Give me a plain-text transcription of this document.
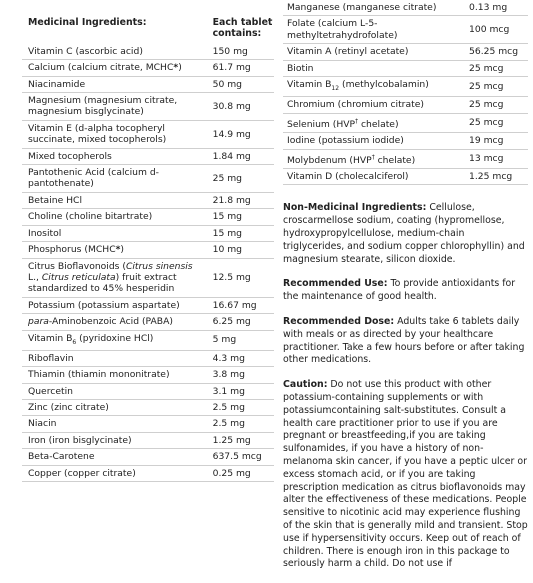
Medicinal Ingredients:	Each tablet contains:
Vitamin C (ascorbic acid)	150 mg
Calcium (calcium citrate, MCHC*)	61.7 mg
Niacinamide	50 mg
Magnesium (magnesium citrate, magnesium bisglycinate)	30.8 mg
Vitamin E (d-alpha tocopheryl succinate, mixed tocopherols)	14.9 mg
Mixed tocopherols	1.84 mg
Pantothenic Acid (calcium d-pantothenate)	25 mg
Betaine HCl	21.8 mg
Choline (choline bitartrate)	15 mg
Inositol	15 mg
Phosphorus (MCHC*)	10 mg
Citrus Bioflavonoids (Citrus sinensis L., Citrus reticulata) fruit extract standardized to 45% hesperidin	12.5 mg
Potassium (potassium aspartate)	16.67 mg
para-Aminobenzoic Acid (PABA)	6.25 mg
Vitamin $B_6$ (pyridoxine HCl)	5 mg
Riboflavin	4.3 mg
Thiamin (thiamin mononitrate)	3.8 mg
Quercetin	3.1 mg
Zinc (zinc citrate)	2.5 mg
Niacin	2.5 mg
Iron (iron bisglycinate)	1.25 mg
Beta-Carotene	637.5 mcg
Copper (copper citrate)	0.25 mg
Manganese (manganese citrate)	0.13 mg
Folate (calcium L-5-methyltetrahydrofolate)	100 mcg
Vitamin A (retinyl acetate)	56.25 mcg
Biotin	25 mcg
Vitamin $B_{12}$ (methylcobalamin)	25 mcg
Chromium (chromium citrate)	25 mcg
Selenium (HVP† chelate)	25 mcg
Iodine (potassium iodide)	19 mcg
Molybdenum (HVP† chelate)	13 mcg
Vitamin D (cholecalciferol)	1.25 mcg

Non-Medicinal Ingredients: Cellulose, croscarmellose sodium, coating (hypromellose, hydroxypropylcellulose, medium-chain triglycerides, and sodium copper chlorophyllin) and magnesium stearate, silicon dioxide.

Recommended Use: To provide antioxidants for the maintenance of good health.

Recommended Dose: Adults take 6 tablets daily with meals or as directed by your healthcare practitioner. Take a few hours before or after taking other medications.

Caution: Do not use this product with other potassium-containing supplements or with potassiumcontaining salt-substitutes. Consult a health care practitioner prior to use if you are pregnant or breastfeeding,if you are taking sulfonamides, if you have a history of non-melanoma skin cancer, if you have a peptic ulcer or excess stomach acid, or if you are taking prescription medication as citrus bioflavonoids may alter the effectiveness of these medications. People sensitive to nicotinic acid may experience flushing of the skin that is generally mild and transient. Stop use if hypersensitivity occurs. Keep out of reach of children. There is enough iron in this package to seriously harm a child. Do not use if
